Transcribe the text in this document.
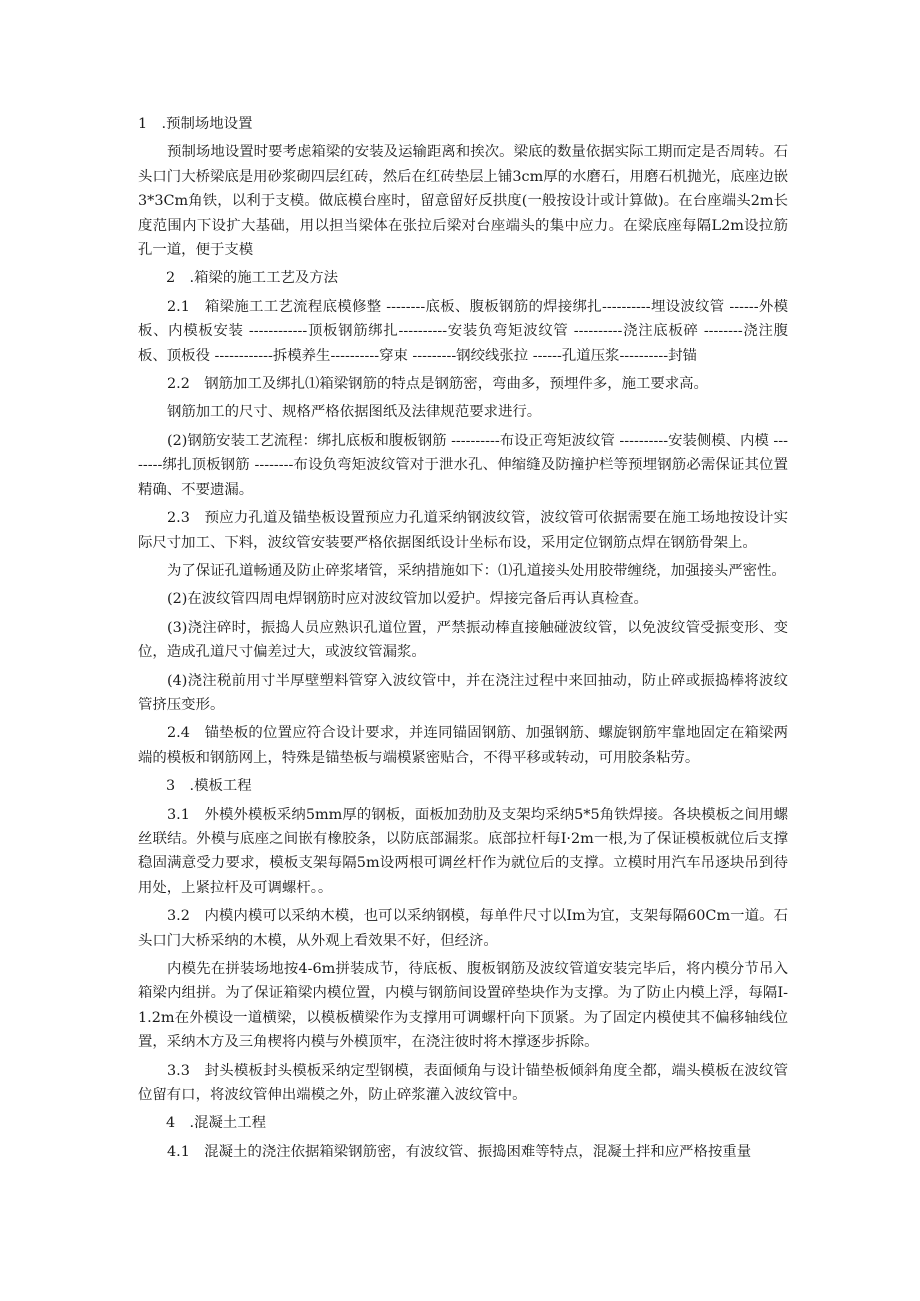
1　.预制场地设置

预制场地设置时要考虑箱梁的安装及运输距离和挨次。梁底的数量依据实际工期而定是否周转。石头口门大桥梁底是用砂浆砌四层红砖，然后在红砖垫层上铺3cm厚的水磨石，用磨石机抛光，底座边嵌3*3Cm角铁，以利于支模。做底模台座时，留意留好反拱度(一般按设计或计算做)。在台座端头2m长度范围内下设扩大基础，用以担当梁体在张拉后梁对台座端头的集中应力。在梁底座每隔L2m设拉筋孔一道，便于支模

2　.箱梁的施工工艺及方法

2.1　箱梁施工工艺流程底模修整 --------底板、腹板钢筋的焊接绑扎----------埋设波纹管 ------外模板、内模板安装 ------------顶板钢筋绑扎----------安装负弯矩波纹管 ----------浇注底板碎 --------浇注腹板、顶板役 ------------拆模养生----------穿束 ---------钢绞线张拉 ------孔道压浆----------封锚

2.2　钢筋加工及绑扎⑴箱梁钢筋的特点是钢筋密，弯曲多，预埋件多，施工要求高。

钢筋加工的尺寸、规格严格依据图纸及法律规范要求进行。

(2)钢筋安装工艺流程：绑扎底板和腹板钢筋 ----------布设正弯矩波纹管 ----------安装侧模、内模 --------绑扎顶板钢筋 --------布设负弯矩波纹管对于泄水孔、伸缩缝及防撞护栏等预埋钢筋必需保证其位置精确、不要遗漏。

2.3　预应力孔道及锚垫板设置预应力孔道采纳钢波纹管，波纹管可依据需要在施工场地按设计实际尺寸加工、下料，波纹管安装要严格依据图纸设计坐标布设，采用定位钢筋点焊在钢筋骨架上。

为了保证孔道畅通及防止碎浆堵管，采纳措施如下：⑴孔道接头处用胶带缠绕，加强接头严密性。

(2)在波纹管四周电焊钢筋时应对波纹管加以爱护。焊接完备后再认真检查。

(3)浇注碎时，振捣人员应熟识孔道位置，严禁振动棒直接触碰波纹管，以免波纹管受振变形、变位，造成孔道尺寸偏差过大，或波纹管漏浆。

(4)浇注税前用寸半厚壁塑料管穿入波纹管中，并在浇注过程中来回抽动，防止碎或振捣棒将波纹管挤压变形。

2.4　锚垫板的位置应符合设计要求，并连同锚固钢筋、加强钢筋、螺旋钢筋牢靠地固定在箱梁两端的模板和钢筋网上，特殊是锚垫板与端模紧密贴合，不得平移或转动，可用胶条粘劳。

3　.模板工程

3.1　外模外模板采纳5mm厚的钢板，面板加劲肋及支架均采纳5*5角铁焊接。各块模板之间用螺丝联结。外模与底座之间嵌有橡胶条，以防底部漏浆。底部拉杆每I·2m一根,为了保证模板就位后支撑稳固满意受力要求，模板支架每隔5m设两根可调丝杆作为就位后的支撑。立模时用汽车吊逐块吊到待用处，上紧拉杆及可调螺杆。。

3.2　内模内模可以采纳木模，也可以采纳钢模，每单件尺寸以Im为宜，支架每隔60Cm一道。石头口门大桥采纳的木模，从外观上看效果不好，但经济。

内模先在拼装场地按4-6m拼装成节，待底板、腹板钢筋及波纹管道安装完毕后，将内模分节吊入箱梁内组拼。为了保证箱梁内模位置，内模与钢筋间设置碎垫块作为支撑。为了防止内模上浮，每隔I-1.2m在外模设一道横梁，以模板横梁作为支撑用可调螺杆向下顶紧。为了固定内模使其不偏移轴线位置，采纳木方及三角楔将内模与外模顶牢，在浇注彼时将木撑逐步拆除。

3.3　封头模板封头模板采纳定型钢模，表面倾角与设计锚垫板倾斜角度全都，端头模板在波纹管位留有口，将波纹管伸出端模之外，防止碎浆灌入波纹管中。

4　.混凝土工程

4.1　混凝土的浇注依据箱梁钢筋密，有波纹管、振捣困难等特点，混凝土拌和应严格按重量
